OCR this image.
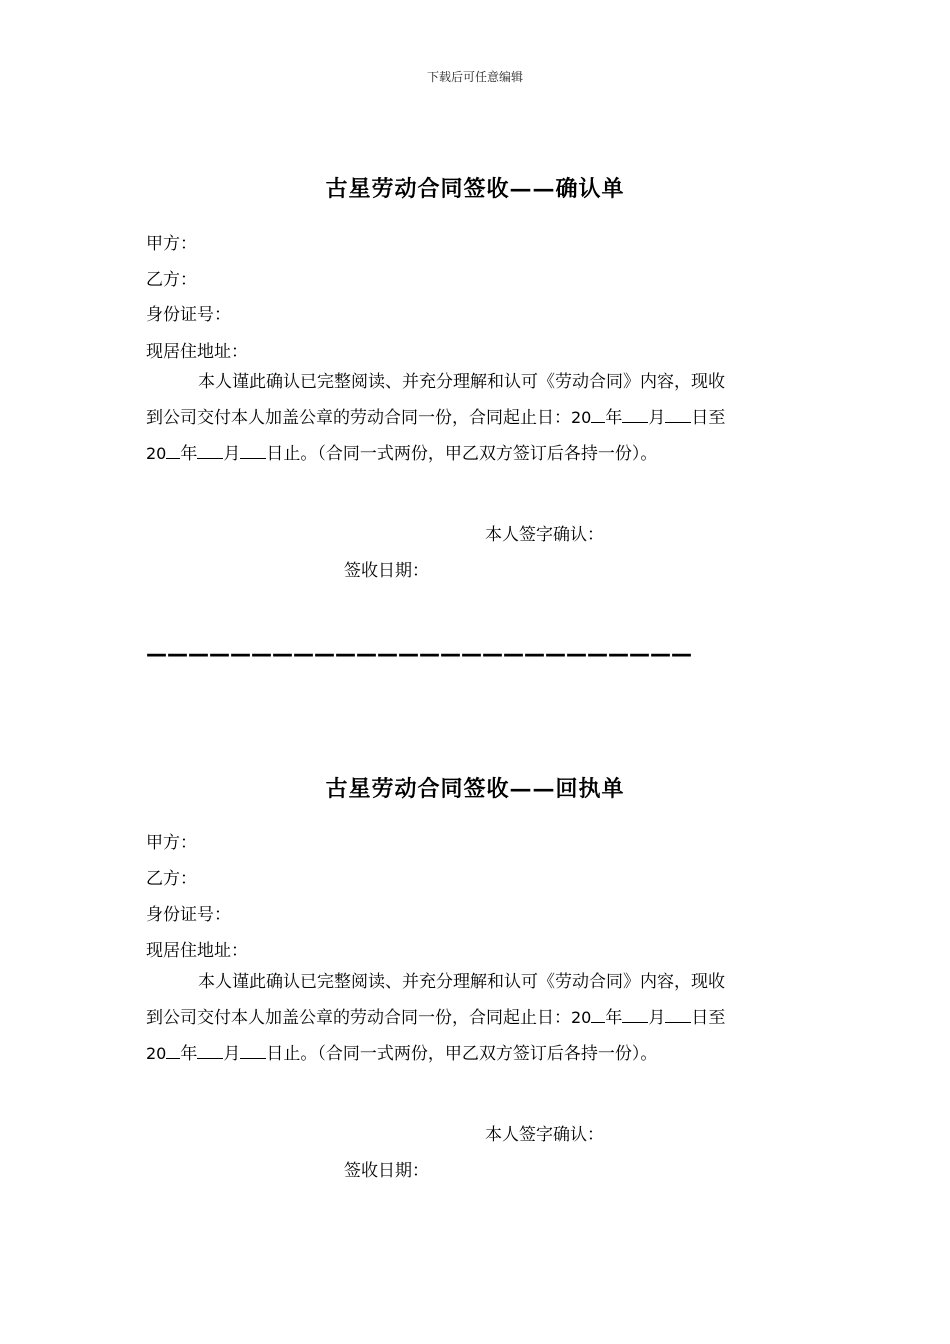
下载后可任意编辑
古星劳动合同签收——确认单
甲方：
乙方：
身份证号：
现居住地址：
本人谨此确认已完整阅读、并充分理解和认可《劳动合同》内容，现收
到公司交付本人加盖公章的劳动合同一份，合同起止日：20 年 月 日至
20 年 月 日止。（合同一式两份，甲乙双方签订后各持一份）。
本人签字确认：
签收日期：
——————————————————————————
古星劳动合同签收——回执单
甲方：
乙方：
身份证号：
现居住地址：
本人谨此确认已完整阅读、并充分理解和认可《劳动合同》内容，现收
到公司交付本人加盖公章的劳动合同一份，合同起止日：20 年 月 日至
20 年 月 日止。（合同一式两份，甲乙双方签订后各持一份）。
本人签字确认：
签收日期：
